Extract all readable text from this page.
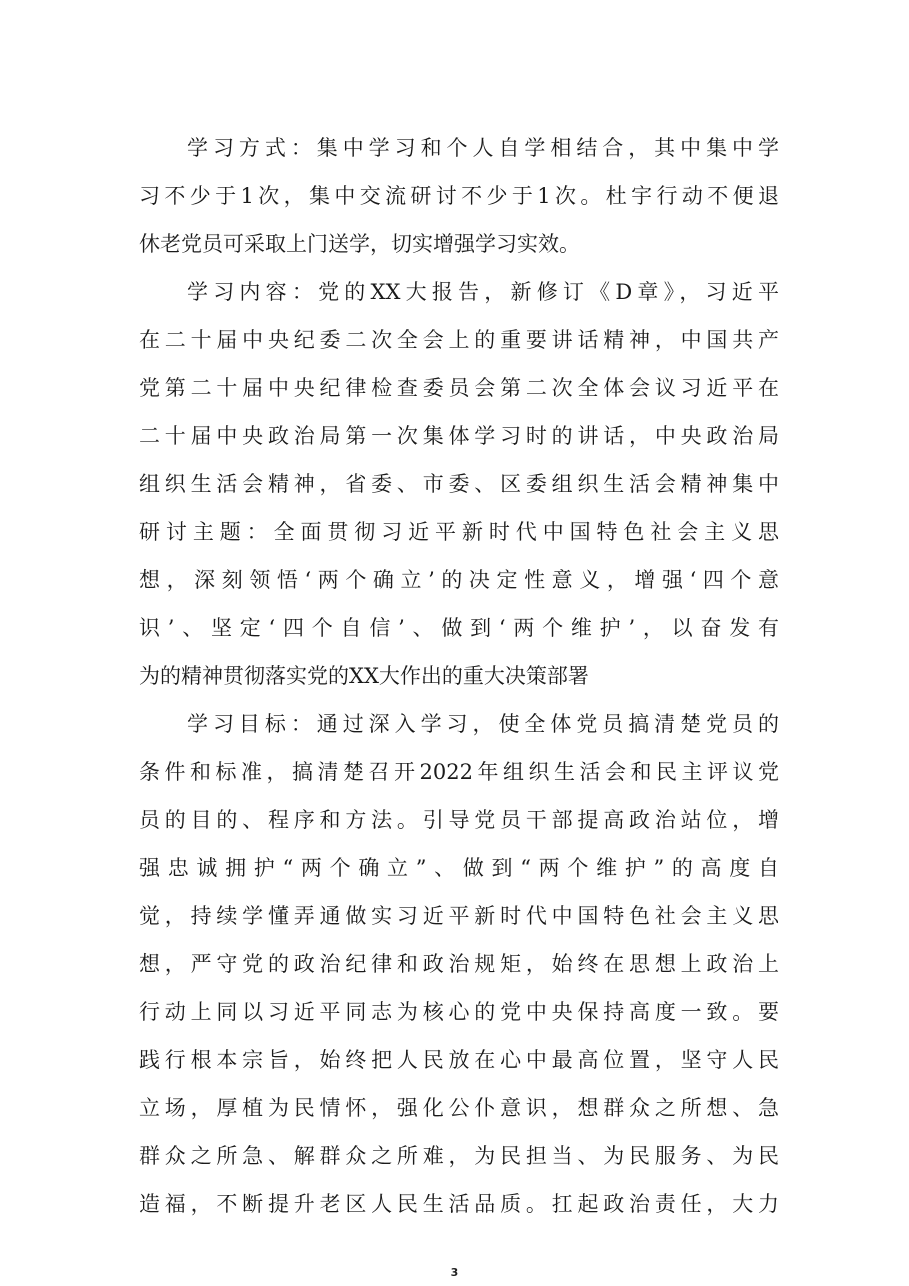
学习方式：集中学习和个人自学相结合，其中集中学
习不少于1次，集中交流研讨不少于1次。杜宇行动不便退
休老党员可采取上门送学，切实增强学习实效。
学习内容：党的XX大报告，新修订《D章》，习近平
在二十届中央纪委二次全会上的重要讲话精神，中国共产
党第二十届中央纪律检查委员会第二次全体会议习近平在
二十届中央政治局第一次集体学习时的讲话，中央政治局
组织生活会精神，省委、市委、区委组织生活会精神集中
研讨主题：全面贯彻习近平新时代中国特色社会主义思
想，深刻领悟‘两个确立’的决定性意义，增强‘四个意
识’、坚定‘四个自信’、做到‘两个维护’，以奋发有
为的精神贯彻落实党的XX大作出的重大决策部署
学习目标：通过深入学习，使全体党员搞清楚党员的
条件和标准，搞清楚召开2022年组织生活会和民主评议党
员的目的、程序和方法。引导党员干部提高政治站位，增
强忠诚拥护“两个确立”、做到“两个维护”的高度自
觉，持续学懂弄通做实习近平新时代中国特色社会主义思
想，严守党的政治纪律和政治规矩，始终在思想上政治上
行动上同以习近平同志为核心的党中央保持高度一致。要
践行根本宗旨，始终把人民放在心中最高位置，坚守人民
立场，厚植为民情怀，强化公仆意识，想群众之所想、急
群众之所急、解群众之所难，为民担当、为民服务、为民
造福，不断提升老区人民生活品质。扛起政治责任，大力
3
